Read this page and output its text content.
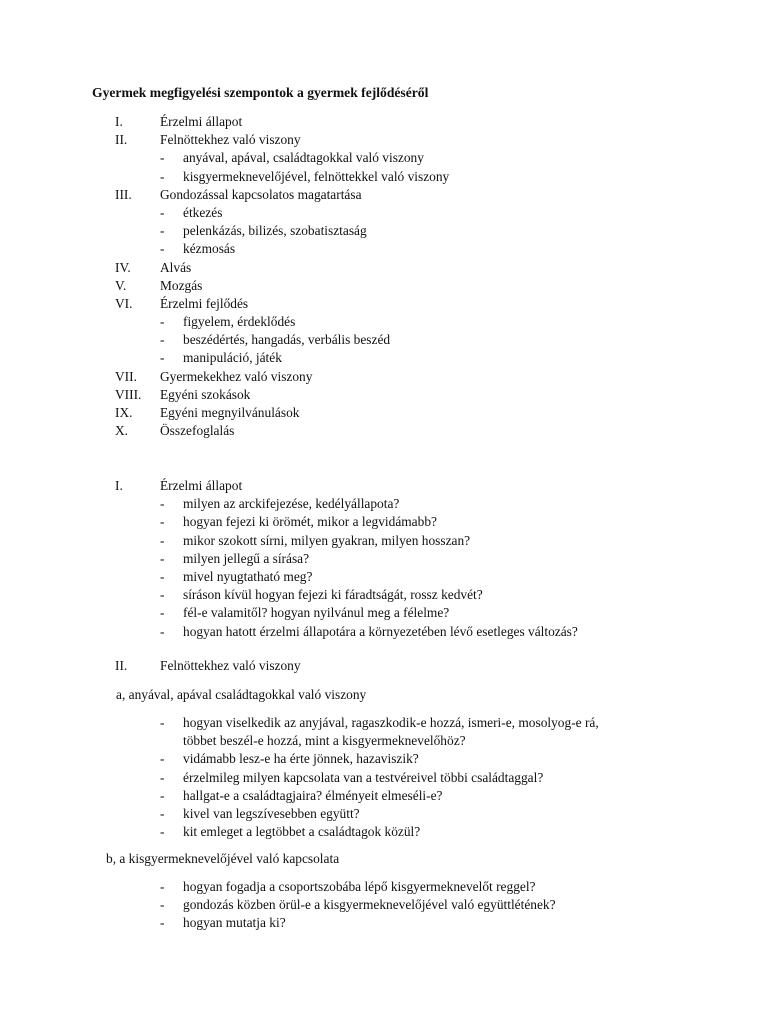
Gyermek megfigyelési szempontok a gyermek fejlődéséről
I.	Érzelmi állapot
II. Felnöttekhez való viszony
- anyával, apával, családtagokkal való viszony
- kisgyermeknevelőjével, felnöttekkel való viszony
III. Gondozással kapcsolatos magatartása
- étkezés
- pelenkázás, bilizés, szobatisztaság
- kézmosás
IV. Alvás
V.	Mozgás
VI. Érzelmi fejlődés
- figyelem, érdeklődés
- beszédértés, hangadás, verbális beszéd
- manipuláció, játék
VII. Gyermekekhez való viszony
VIII. Egyéni szokások
IX. Egyéni megnyilvánulások
X. Összefoglalás
I.	Érzelmi állapot
- milyen az arckifejezése, kedélyállapota?
- hogyan fejezi ki örömét, mikor a legvidámabb?
- mikor szokott sírni, milyen gyakran, milyen hosszan?
- milyen jellegű a sírása?
- mivel nyugtatható meg?
- síráson kívül hogyan fejezi ki fáradtságát, rossz kedvét?
- fél-e valamitől? hogyan nyilvánul meg a félelme?
- hogyan hatott érzelmi állapotára a környezetében lévő esetleges változás?
II. Felnöttekhez való viszony
a, anyával, apával családtagokkal való viszony
- hogyan viselkedik az anyjával, ragaszkodik-e hozzá, ismeri-e, mosolyog-e rá,
többet beszél-e hozzá, mint a kisgyermeknevelőhöz?
- vidámabb lesz-e ha érte jönnek, hazaviszik?
- érzelmileg milyen kapcsolata van a testvéreivel többi családtaggal?
- hallgat-e a családtagjaira? élményeit elmeséli-e?
- kivel van legszívesebben együtt?
- kit emleget a legtöbbet a családtagok közül?
b, a kisgyermeknevelőjével való kapcsolata
- hogyan fogadja a csoportszobába lépő kisgyermeknevelőt reggel?
- gondozás közben örül-e a kisgyermeknevelőjével való együttlétének?
- hogyan mutatja ki?
